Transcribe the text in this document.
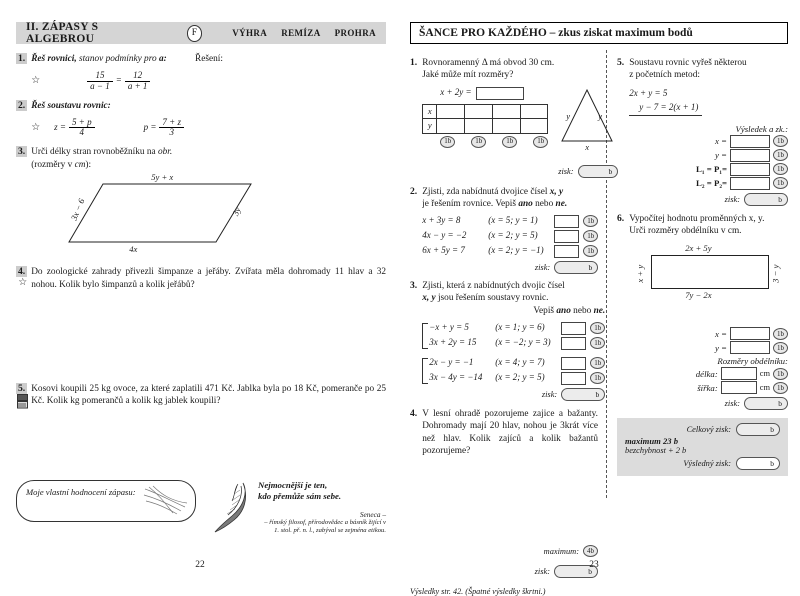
II. ZÁPASY S ALGEBROU	F	VÝHRA REMÍZA PROHRA
1. Řeš rovnici, stanov podmínky pro a:	Řešení:
☆	$\frac{15}{a - 1} = \frac{12}{a + 1}$
2. Řeš soustavu rovnic:
☆ $z = \frac{5 + p}{4}$	$p = \frac{7 + z}{3}$
3. Urči délky stran rovnoběžníku na obr.
(rozměry v cm):
5y + x
4x
3x − 6	3y
4. Do zoologické zahrady přivezli šimpanze a jeřáby. Zvířata měla dohromady 11 hlav a 32 nohou. Kolik bylo šimpanzů a kolik jeřábů?
☆
5. Kosovi koupili 25 kg ovoce, za které zaplatili 471 Kč. Jablka byla po 18 Kč, pomeranče po 25 Kč. Kolik kg pomerančů a kolik kg jablek koupili?
Moje vlastní hodnocení zápasu:
Nejmocnější je ten,
kdo přemůže sám sebe.
Seneca –
– římský filosof, přírodovědec a básník žijící v 1. stol. př. n. l., zabýval se zejména etikou.
22
ŠANCE PRO KAŽDÉHO – zkus ziskat maximum bodů
1. Rovnoramenný Δ má obvod 30 cm.
Jaké může mít rozměry?
x + 2y =
x				
y				
1b	1b	1b	1b
y	y
x
zisk:	b
2. Zjisti, zda nabídnutá dvojice čísel x, y
je řešením rovnice. Vepiš ano nebo ne.
x + 3y = 8	(x = 5; y = 1)	1b
4x − y = −2	(x = 2; y = 5)	1b
6x + 5y = 7	(x = 2; y = −1)	1b
zisk:	b
3. Zjisti, která z nabídnutých dvojic čísel
x, y jsou řešením soustavy rovnic.
Vepiš ano nebo ne.
−x + y = 5	(x = 1; y = 6)	1b
3x + 2y = 15	(x = −2; y = 3)	1b
2x − y = −1	(x = 4; y = 7)	1b
3x − 4y = −14	(x = 2; y = 5)	1b
zisk:	b
4. V lesní ohradě pozorujeme zajice a bažanty. Dohromady mají 20 hlav, nohou je 3krát více než hlav. Kolik zajíců a kolik bažantů pozorujeme?
maximum:	4b
zisk:	b
Výsledky str. 42. (Špatné výsledky škrtni.)
5. Soustavu rovnic vyřeš některou
z početních metod:
2x + y = 5
y − 7 = 2(x + 1)
Výsledek a zk.:
x =	1b
y =	1b
L₁ = P₁=	1b
L₂ = P₂=	1b
zisk:	b
6. Vypočítej hodnotu proměnných x, y.
Urči rozměry obdélníku v cm.
2x + 5y
7y − 2x
x + y	3 − y
x =	1b
y =	1b
Rozměry obdélníku:
délka:	cm	1b
šířka:	cm	1b
zisk:	b
Celkový zisk:	b
maximum 23 b
bezchybnost + 2 b
Výsledný zisk:	b
23
